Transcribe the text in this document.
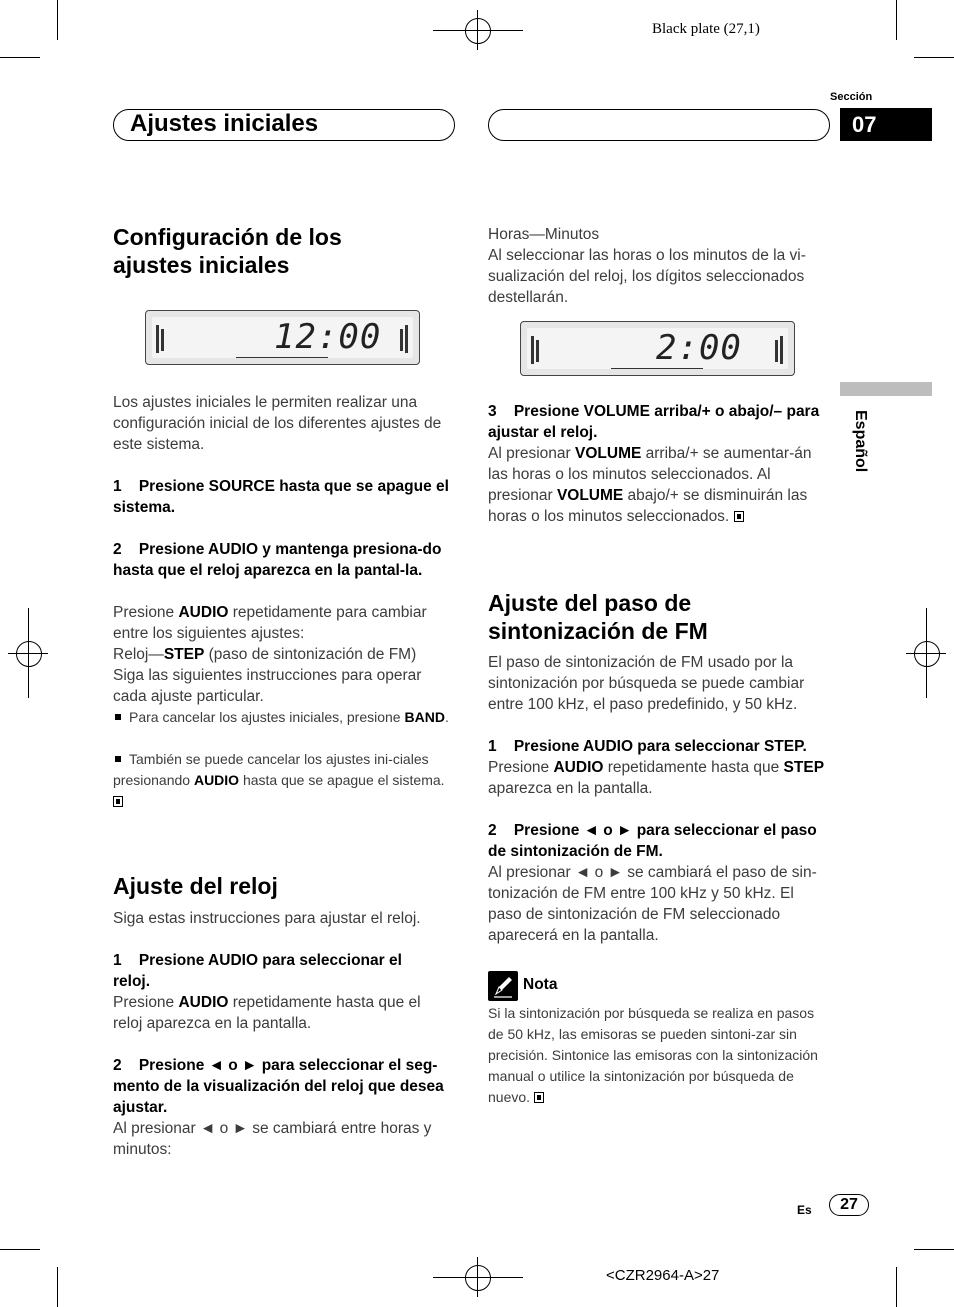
Black plate (27,1)
Ajustes iniciales
Sección
07
Español
Configuración de los ajustes iniciales
12:00
Los ajustes iniciales le permiten realizar una configuración inicial de los diferentes ajustes de este sistema.
1    Presione SOURCE hasta que se apague el sistema.
2    Presione AUDIO y mantenga presiona-do hasta que el reloj aparezca en la pantal-la.
Presione AUDIO repetidamente para cambiar entre los siguientes ajustes:
Reloj—STEP (paso de sintonización de FM)
Siga las siguientes instrucciones para operar cada ajuste particular.
Para cancelar los ajustes iniciales, presione BAND.
También se puede cancelar los ajustes ini-ciales presionando AUDIO hasta que se apague el sistema.
Ajuste del reloj
Siga estas instrucciones para ajustar el reloj.
1    Presione AUDIO para seleccionar el reloj.
Presione AUDIO repetidamente hasta que el reloj aparezca en la pantalla.
2    Presione ◄ o ► para seleccionar el seg-mento de la visualización del reloj que desea ajustar.
Al presionar ◄ o ► se cambiará entre horas y minutos:
Horas—Minutos
Al seleccionar las horas o los minutos de la vi-sualización del reloj, los dígitos seleccionados destellarán.
2:00
3    Presione VOLUME arriba/+ o abajo/– para ajustar el reloj.
Al presionar VOLUME arriba/+ se aumentar-án las horas o los minutos seleccionados. Al presionar VOLUME abajo/+ se disminuirán las horas o los minutos seleccionados.
Ajuste del paso de sintonización de FM
El paso de sintonización de FM usado por la sintonización por búsqueda se puede cambiar entre 100 kHz, el paso predefinido, y 50 kHz.
1    Presione AUDIO para seleccionar STEP.
Presione AUDIO repetidamente hasta que STEP aparezca en la pantalla.
2    Presione ◄ o ► para seleccionar el paso de sintonización de FM.
Al presionar ◄ o ► se cambiará el paso de sin-tonización de FM entre 100 kHz y 50 kHz. El paso de sintonización de FM seleccionado aparecerá en la pantalla.
Nota
Si la sintonización por búsqueda se realiza en pasos de 50 kHz, las emisoras se pueden sintoni-zar sin precisión. Sintonice las emisoras con la sintonización manual o utilice la sintonización por búsqueda de nuevo.
Es	27
<CZR2964-A>27
